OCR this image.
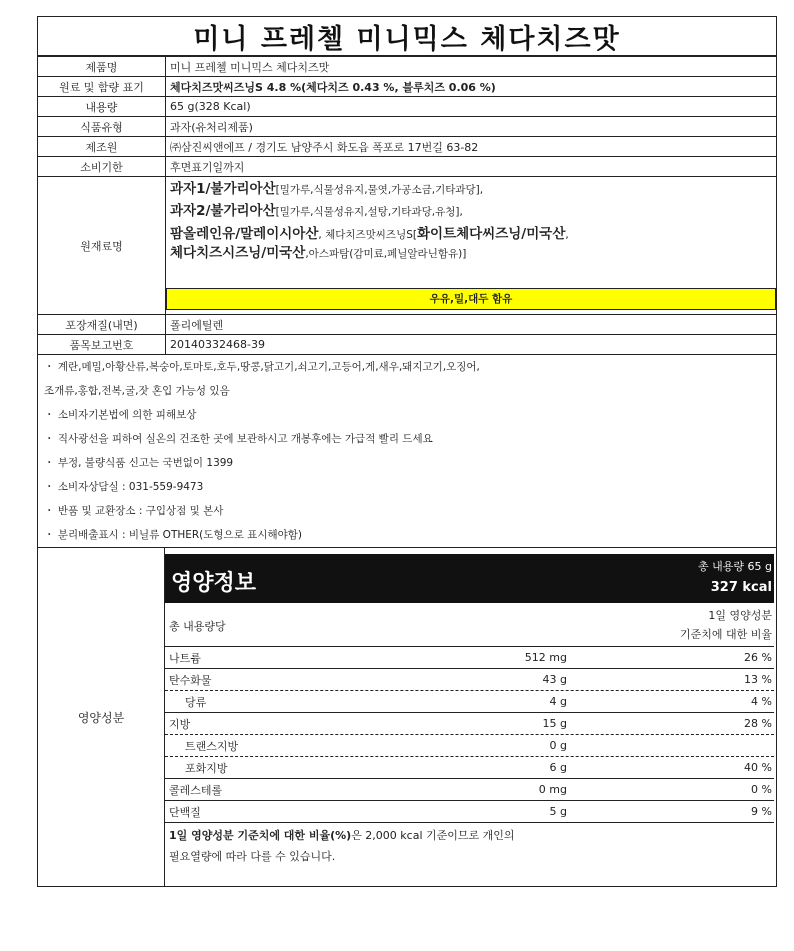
미니 프레첼 미니믹스 체다치즈맛
제품명	미니 프레첼 미니믹스 체다치즈맛
원료 및 함량 표기	체다치즈맛씨즈닝S 4.8 %(체다치즈 0.43 %, 블루치즈 0.06 %)
내용량	65 g(328 Kcal)
식품유형	과자(유처리제품)
제조원	㈜삼진씨앤에프 / 경기도 남양주시 화도읍 폭포로 17번길 63-82
소비기한	후면표기일까지
원재료명	과자1/불가리아산[밀가루,식물성유지,물엿,가공소금,기타과당],
과자2/불가리아산[밀가루,식물성유지,설탕,기타과당,유청],
팜올레인유/말레이시아산, 체다치즈맛씨즈닝S[화이트체다씨즈닝/미국산,
체다치즈시즈닝/미국산,아스파탐(감미료,페닐알라닌함유)]
우유,밀,대두 함유

포장재질(내면)	폴리에틸렌
품목보고번호	20140332468-39
・ 계란,메밀,아황산류,복숭아,토마토,호두,땅콩,닭고기,쇠고기,고등어,게,새우,돼지고기,오징어,
조개류,홍합,전복,굴,잣 혼입 가능성 있음
・ 소비자기본법에 의한 피해보상
・ 직사광선을 피하여 실온의 건조한 곳에 보관하시고 개봉후에는 가급적 빨리 드세요
・ 부정, 불량식품 신고는 국번없이 1399
・ 소비자상담실 : 031-559-9473
・ 반품 및 교환장소 : 구입상점 및 본사
・ 분리배출표시 : 비닐류 OTHER(도형으로 표시해야함)
영양성분
영양정보
총 내용량 65 g
327 kcal
총 내용량당
1일 영양성분
기준치에 대한 비율
나트륨	512 mg	26 %
탄수화물	43 g	13 %
당류	4 g	4 %
지방	15 g	28 %
트랜스지방	0 g
포화지방	6 g	40 %
콜레스테롤	0 mg	0 %
단백질	5 g	9 %
1일 영양성분 기준치에 대한 비율(%)은 2,000 kcal 기준이므로 개인의
필요열량에 따라 다를 수 있습니다.
